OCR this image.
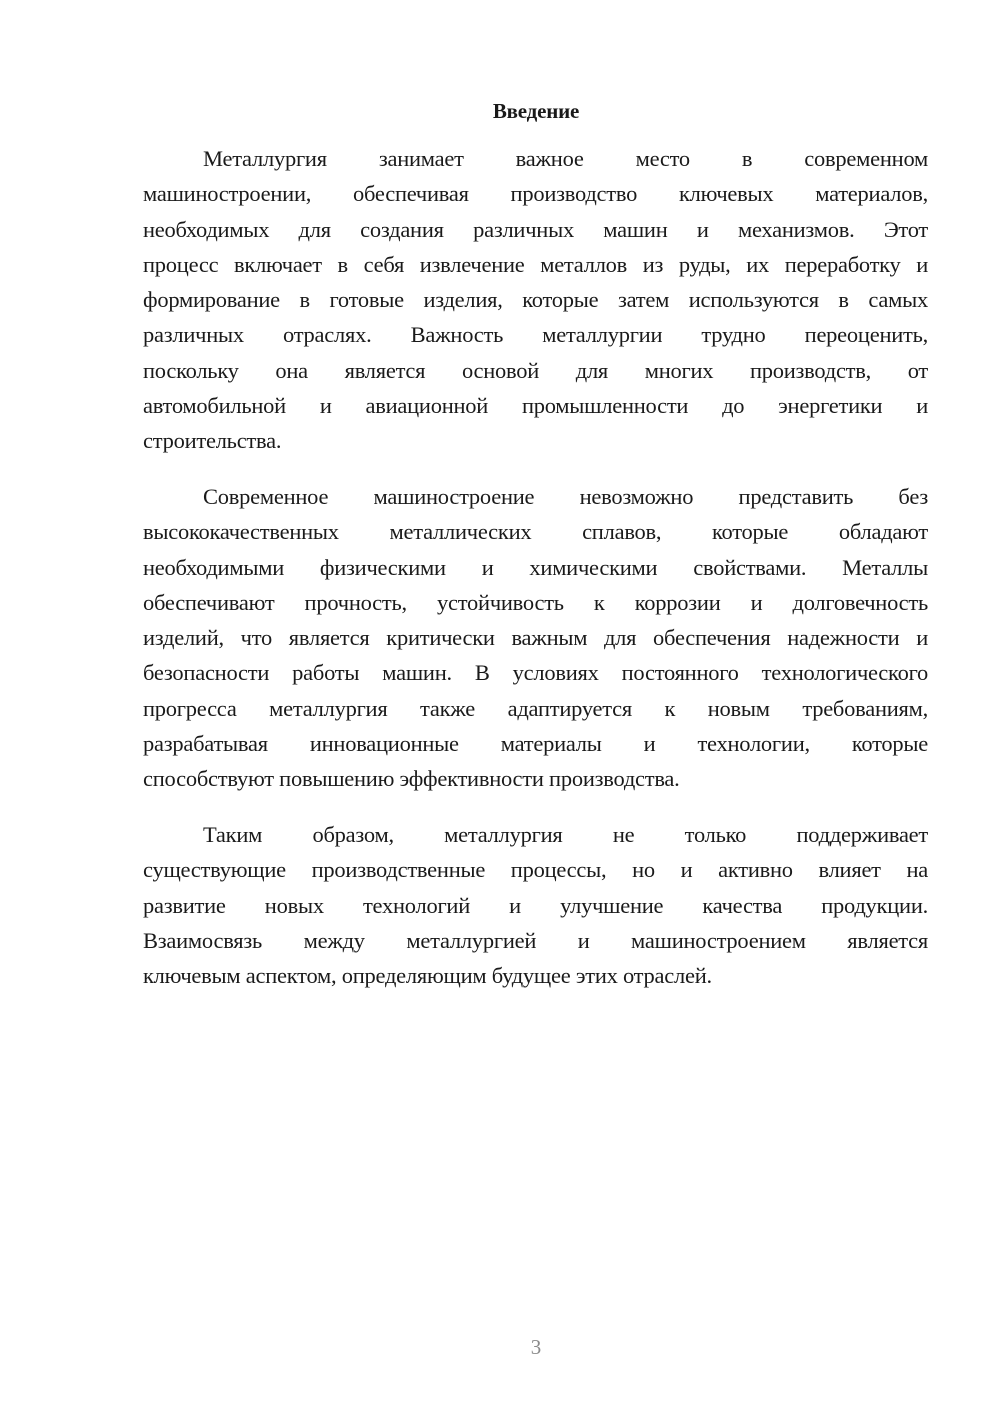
Введение
Металлургия занимает важное место в современном
машиностроении, обеспечивая производство ключевых материалов,
необходимых для создания различных машин и механизмов. Этот
процесс включает в себя извлечение металлов из руды, их переработку и
формирование в готовые изделия, которые затем используются в самых
различных отраслях. Важность металлургии трудно переоценить,
поскольку она является основой для многих производств, от
автомобильной и авиационной промышленности до энергетики и
строительства.
Современное машиностроение невозможно представить без
высококачественных металлических сплавов, которые обладают
необходимыми физическими и химическими свойствами. Металлы
обеспечивают прочность, устойчивость к коррозии и долговечность
изделий, что является критически важным для обеспечения надежности и
безопасности работы машин. В условиях постоянного технологического
прогресса металлургия также адаптируется к новым требованиям,
разрабатывая инновационные материалы и технологии, которые
способствуют повышению эффективности производства.
Таким образом, металлургия не только поддерживает
существующие производственные процессы, но и активно влияет на
развитие новых технологий и улучшение качества продукции.
Взаимосвязь между металлургией и машиностроением является
ключевым аспектом, определяющим будущее этих отраслей.
3
